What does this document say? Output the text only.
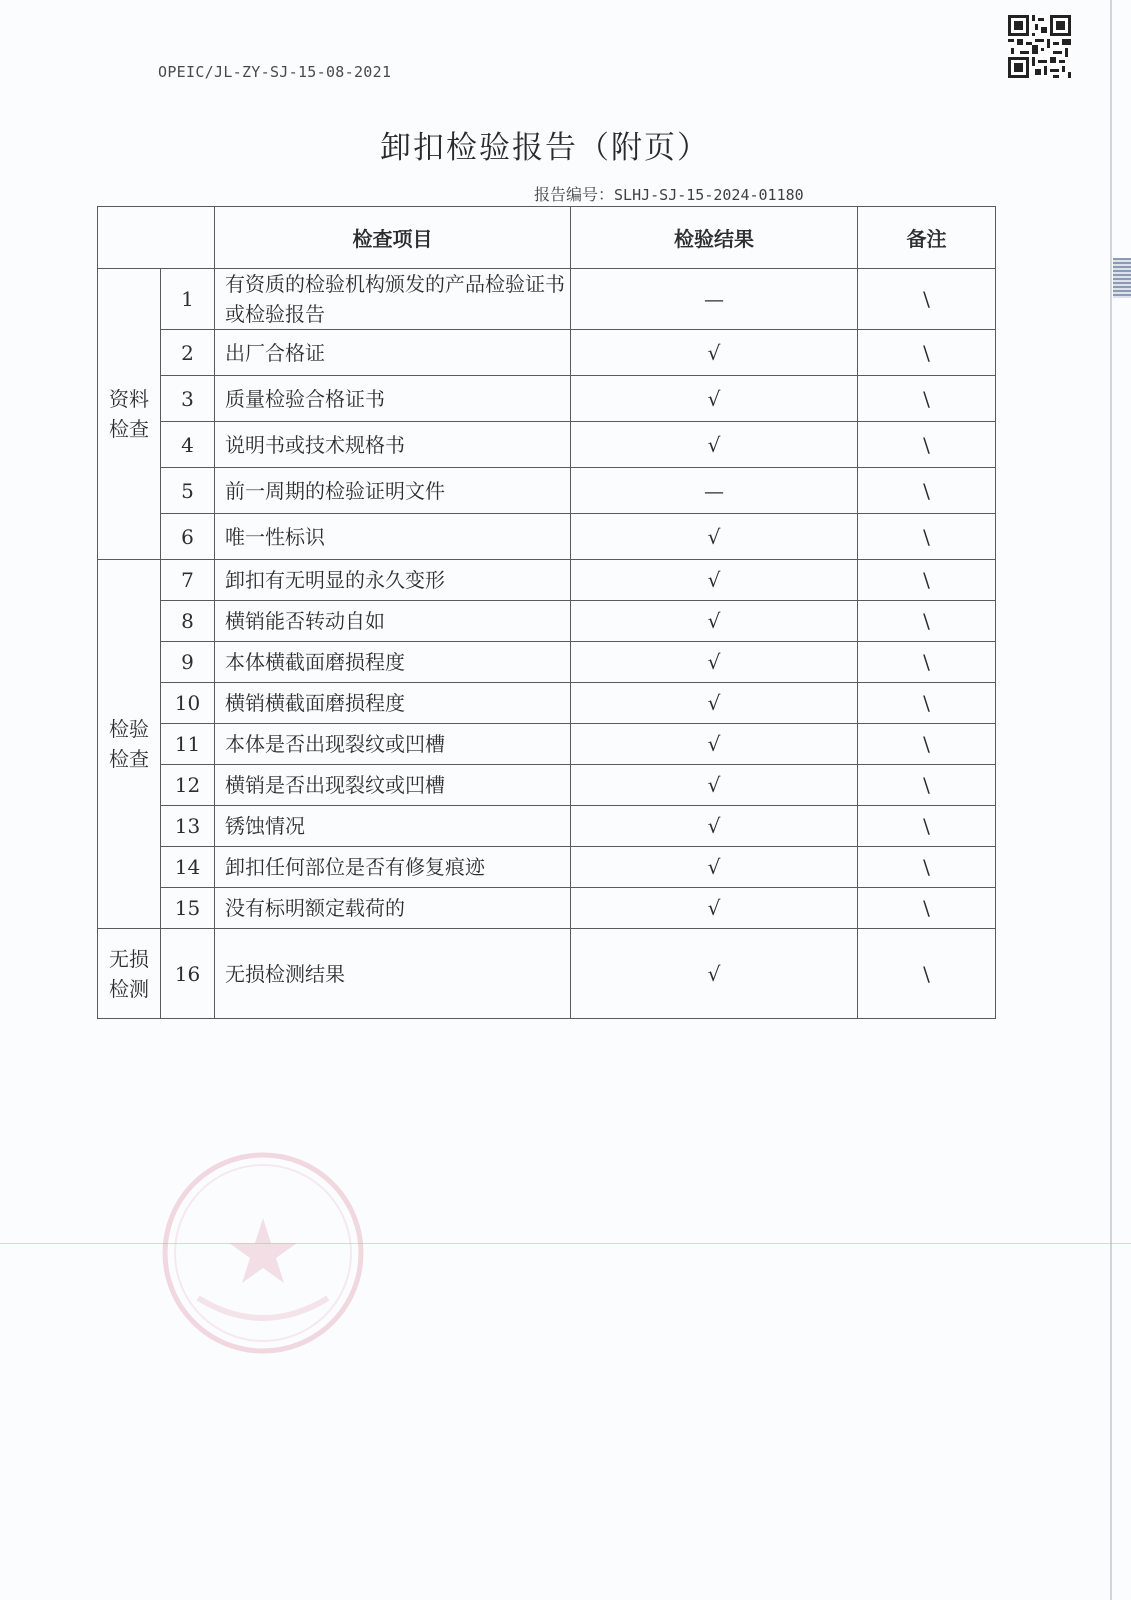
OPEIC/JL-ZY-SJ-15-08-2021
卸扣检验报告（附页）
报告编号：SLHJ-SJ-15-2024-01180
		检查项目	检验结果	备注

资料
检查	1	有资质的检验机构颁发的产品检验证书或检验报告	—	\
	2	出厂合格证	√	\
	3	质量检验合格证书	√	\
	4	说明书或技术规格书	√	\
	5	前一周期的检验证明文件	—	\
	6	唯一性标识	√	\

检验
检查	7	卸扣有无明显的永久变形	√	\
	8	横销能否转动自如	√	\
	9	本体横截面磨损程度	√	\
	10	横销横截面磨损程度	√	\
	11	本体是否出现裂纹或凹槽	√	\
	12	横销是否出现裂纹或凹槽	√	\
	13	锈蚀情况	√	\
	14	卸扣任何部位是否有修复痕迹	√	\
	15	没有标明额定载荷的	√	\

无损
检测	16	无损检测结果	√	\
